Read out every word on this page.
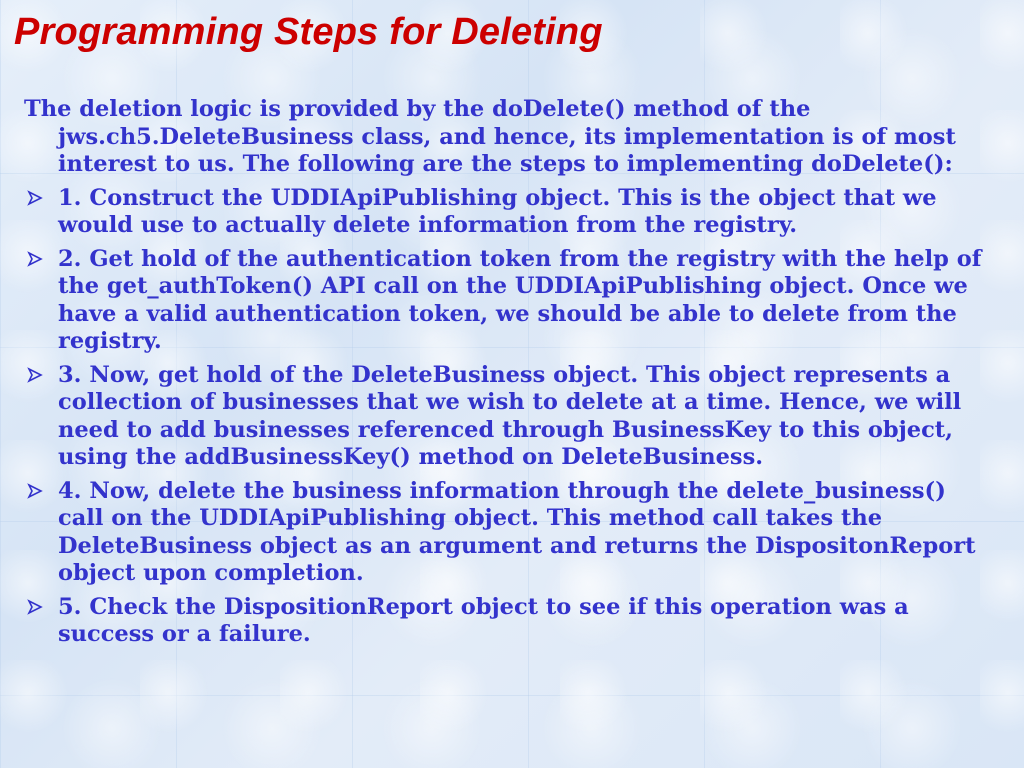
Programming Steps for Deleting

The deletion logic is provided by the doDelete() method of the jws.ch5.DeleteBusiness class, and hence, its implementation is of most interest to us. The following are the steps to implementing doDelete():

1. Construct the UDDIApiPublishing object. This is the object that we would use to actually delete information from the registry.
2. Get hold of the authentication token from the registry with the help of the get_authToken() API call on the UDDIApiPublishing object. Once we have a valid authentication token, we should be able to delete from the registry.
3. Now, get hold of the DeleteBusiness object. This object represents a collection of businesses that we wish to delete at a time. Hence, we will need to add businesses referenced through BusinessKey to this object, using the addBusinessKey() method on DeleteBusiness.
4. Now, delete the business information through the delete_business() call on the UDDIApiPublishing object. This method call takes the DeleteBusiness object as an argument and returns the DispositonReport object upon completion.
5. Check the DispositionReport object to see if this operation was a success or a failure.
